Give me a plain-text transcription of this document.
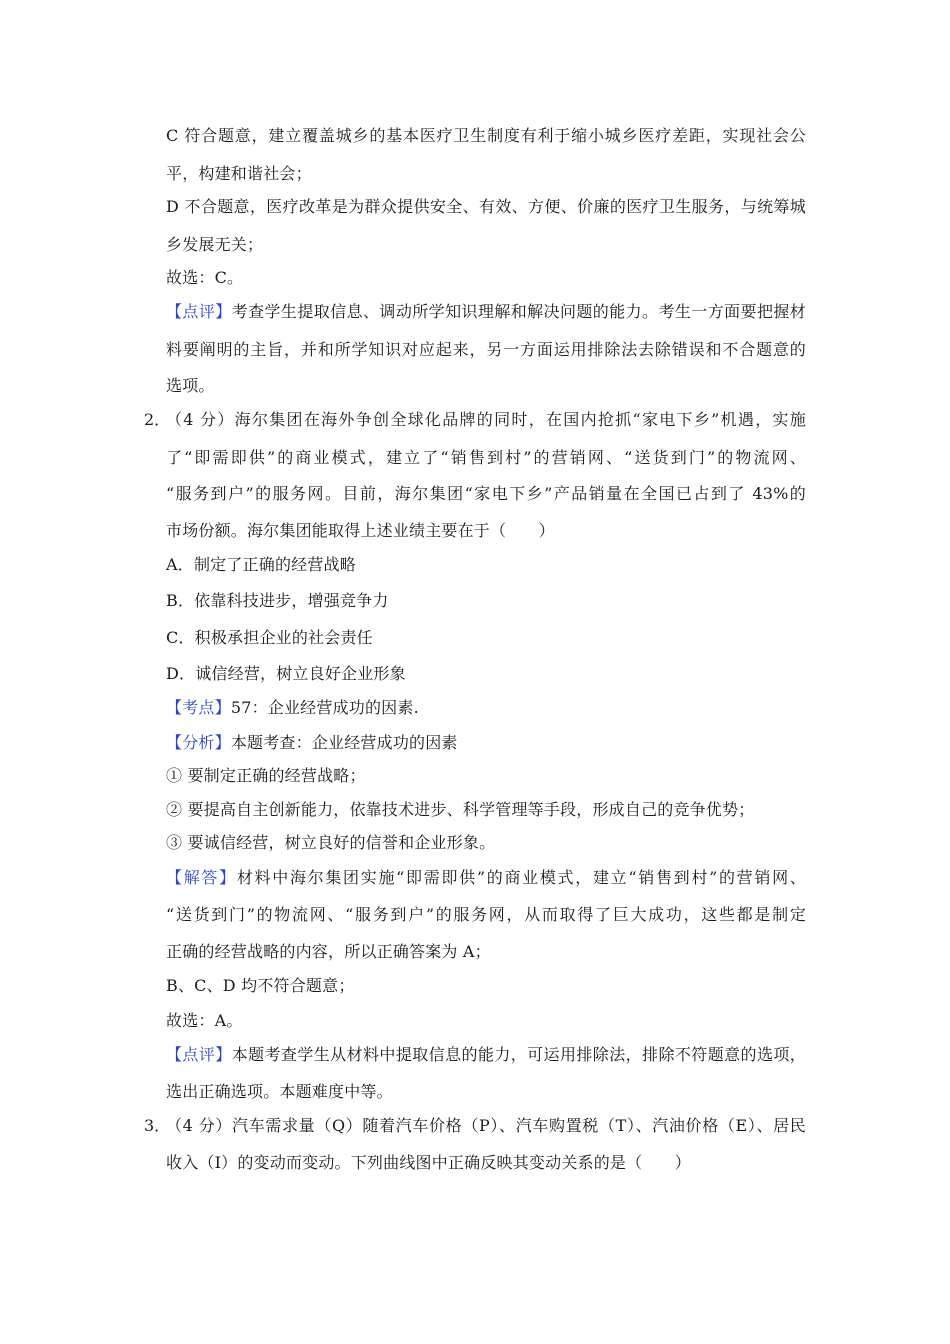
C 符合题意，建立覆盖城乡的基本医疗卫生制度有利于缩小城乡医疗差距，实现社会公
平，构建和谐社会；
D 不合题意，医疗改革是为群众提供安全、有效、方便、价廉的医疗卫生服务，与统筹城
乡发展无关；
故选：C。
【点评】考查学生提取信息、调动所学知识理解和解决问题的能力。考生一方面要把握材
料要阐明的主旨，并和所学知识对应起来，另一方面运用排除法去除错误和不合题意的
选项。
2．
（4 分）海尔集团在海外争创全球化品牌的同时，在国内抢抓“家电下乡”机遇，实施
了“即需即供”的商业模式，建立了“销售到村”的营销网、“送货到门”的物流网、
“服务到户”的服务网。目前，海尔集团“家电下乡”产品销量在全国已占到了 43%的
市场份额。海尔集团能取得上述业绩主要在于（　　）
A．制定了正确的经营战略
B．依靠科技进步，增强竞争力
C．积极承担企业的社会责任
D．诚信经营，树立良好企业形象
【考点】57：企业经营成功的因素.
【分析】本题考查：企业经营成功的因素
① 要制定正确的经营战略；
② 要提高自主创新能力，依靠技术进步、科学管理等手段，形成自己的竞争优势；
③ 要诚信经营，树立良好的信誉和企业形象。
【解答】材料中海尔集团实施“即需即供”的商业模式，建立“销售到村”的营销网、
“送货到门”的物流网、“服务到户”的服务网，从而取得了巨大成功，这些都是制定
正确的经营战略的内容，所以正确答案为 A；
B、C、D 均不符合题意；
故选：A。
【点评】本题考查学生从材料中提取信息的能力，可运用排除法，排除不符题意的选项，
选出正确选项。本题难度中等。
3．
（4 分）汽车需求量（Q）随着汽车价格（P）、汽车购置税（T）、汽油价格（E）、居民
收入（I）的变动而变动。下列曲线图中正确反映其变动关系的是（　　）
